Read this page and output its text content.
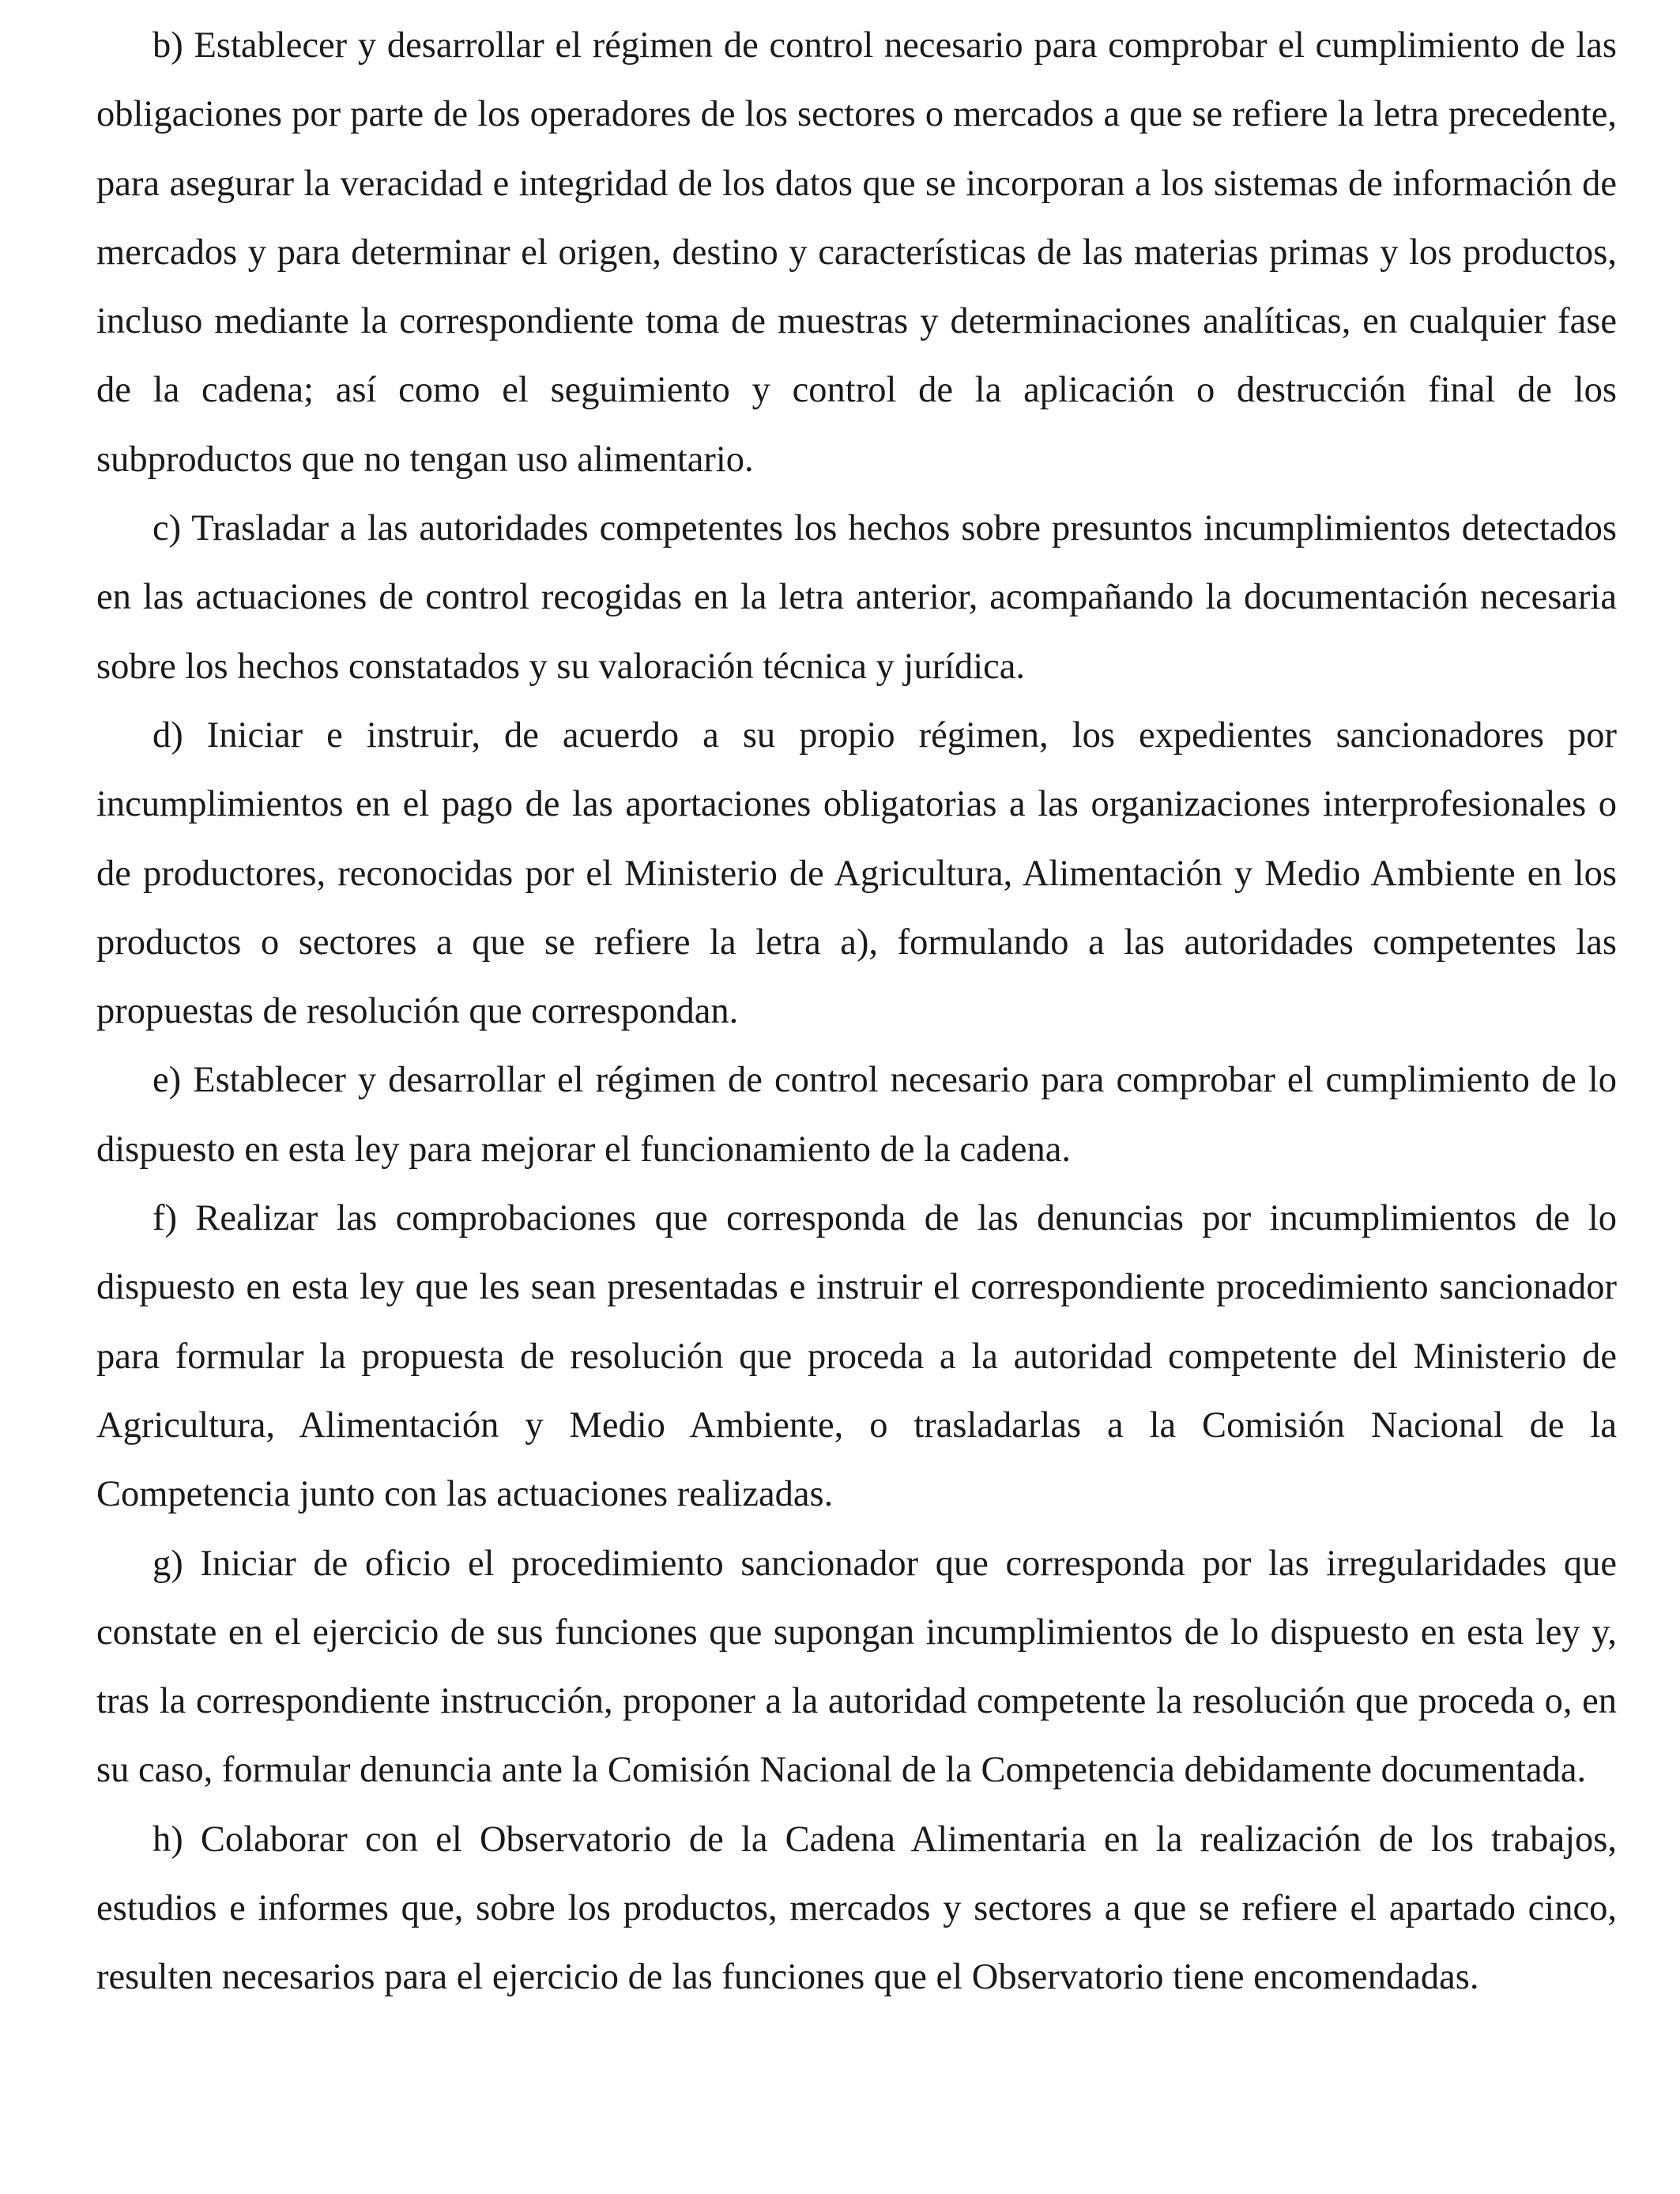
b) Establecer y desarrollar el régimen de control necesario para comprobar el cumplimiento de las obligaciones por parte de los operadores de los sectores o mercados a que se refiere la letra precedente, para asegurar la veracidad e integridad de los datos que se incorporan a los sistemas de información de mercados y para determinar el origen, destino y características de las materias primas y los productos, incluso mediante la correspondiente toma de muestras y determinaciones analíticas, en cualquier fase de la cadena; así como el seguimiento y control de la aplicación o destrucción final de los subproductos que no tengan uso alimentario.

c) Trasladar a las autoridades competentes los hechos sobre presuntos incumplimientos detectados en las actuaciones de control recogidas en la letra anterior, acompañando la documentación necesaria sobre los hechos constatados y su valoración técnica y jurídica.

d) Iniciar e instruir, de acuerdo a su propio régimen, los expedientes sancionadores por incumplimientos en el pago de las aportaciones obligatorias a las organizaciones interprofesionales o de productores, reconocidas por el Ministerio de Agricultura, Alimentación y Medio Ambiente en los productos o sectores a que se refiere la letra a), formulando a las autoridades competentes las propuestas de resolución que correspondan.

e) Establecer y desarrollar el régimen de control necesario para comprobar el cumplimiento de lo dispuesto en esta ley para mejorar el funcionamiento de la cadena.

f) Realizar las comprobaciones que corresponda de las denuncias por incumplimientos de lo dispuesto en esta ley que les sean presentadas e instruir el correspondiente procedimiento sancionador para formular la propuesta de resolución que proceda a la autoridad competente del Ministerio de Agricultura, Alimentación y Medio Ambiente, o trasladarlas a la Comisión Nacional de la Competencia junto con las actuaciones realizadas.

g) Iniciar de oficio el procedimiento sancionador que corresponda por las irregularidades que constate en el ejercicio de sus funciones que supongan incumplimientos de lo dispuesto en esta ley y, tras la correspondiente instrucción, proponer a la autoridad competente la resolución que proceda o, en su caso, formular denuncia ante la Comisión Nacional de la Competencia debidamente documentada.

h) Colaborar con el Observatorio de la Cadena Alimentaria en la realización de los trabajos, estudios e informes que, sobre los productos, mercados y sectores a que se refiere el apartado cinco, resulten necesarios para el ejercicio de las funciones que el Observatorio tiene encomendadas.
